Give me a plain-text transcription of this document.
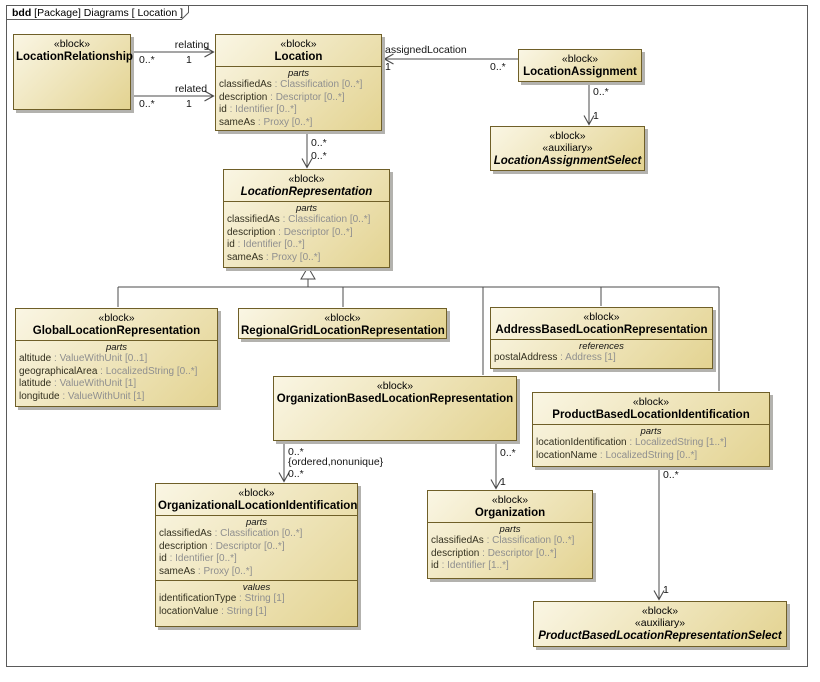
bdd [Package] Diagrams [ Location ]
«block»
LocationRelationship
«block»
Location
parts
classifiedAs : Classification [0..*]
description : Descriptor [0..*]
id : Identifier [0..*]
sameAs : Proxy [0..*]
«block»
LocationAssignment
«block»
«auxiliary»
LocationAssignmentSelect
«block»
LocationRepresentation
parts
classifiedAs : Classification [0..*]
description : Descriptor [0..*]
id : Identifier [0..*]
sameAs : Proxy [0..*]
«block»
GlobalLocationRepresentation
parts
altitude : ValueWithUnit [0..1]
geographicalArea : LocalizedString [0..*]
latitude : ValueWithUnit [1]
longitude : ValueWithUnit [1]
«block»
RegionalGridLocationRepresentation
«block»
AddressBasedLocationRepresentation
references
postalAddress : Address [1]
«block»
OrganizationBasedLocationRepresentation	«block»
ProductBasedLocationIdentification
parts
locationIdentification : LocalizedString [1..*]
locationName : LocalizedString [0..*]
«block»
OrganizationalLocationIdentification
parts
classifiedAs : Classification [0..*]
description : Descriptor [0..*]
id : Identifier [0..*]
sameAs : Proxy [0..*]
values
identificationType : String [1]
locationValue : String [1]
«block»
Organization
parts
classifiedAs : Classification [0..*]
description : Descriptor [0..*]
id : Identifier [1..*]
«block»
«auxiliary»
ProductBasedLocationRepresentationSelect
relating
0..*	1
related
0..*	1
assignedLocation
1	0..*
0..*
1
0..*
0..*
0..*
{ordered,nonunique}
0..*
0..*
1
0..*
1
